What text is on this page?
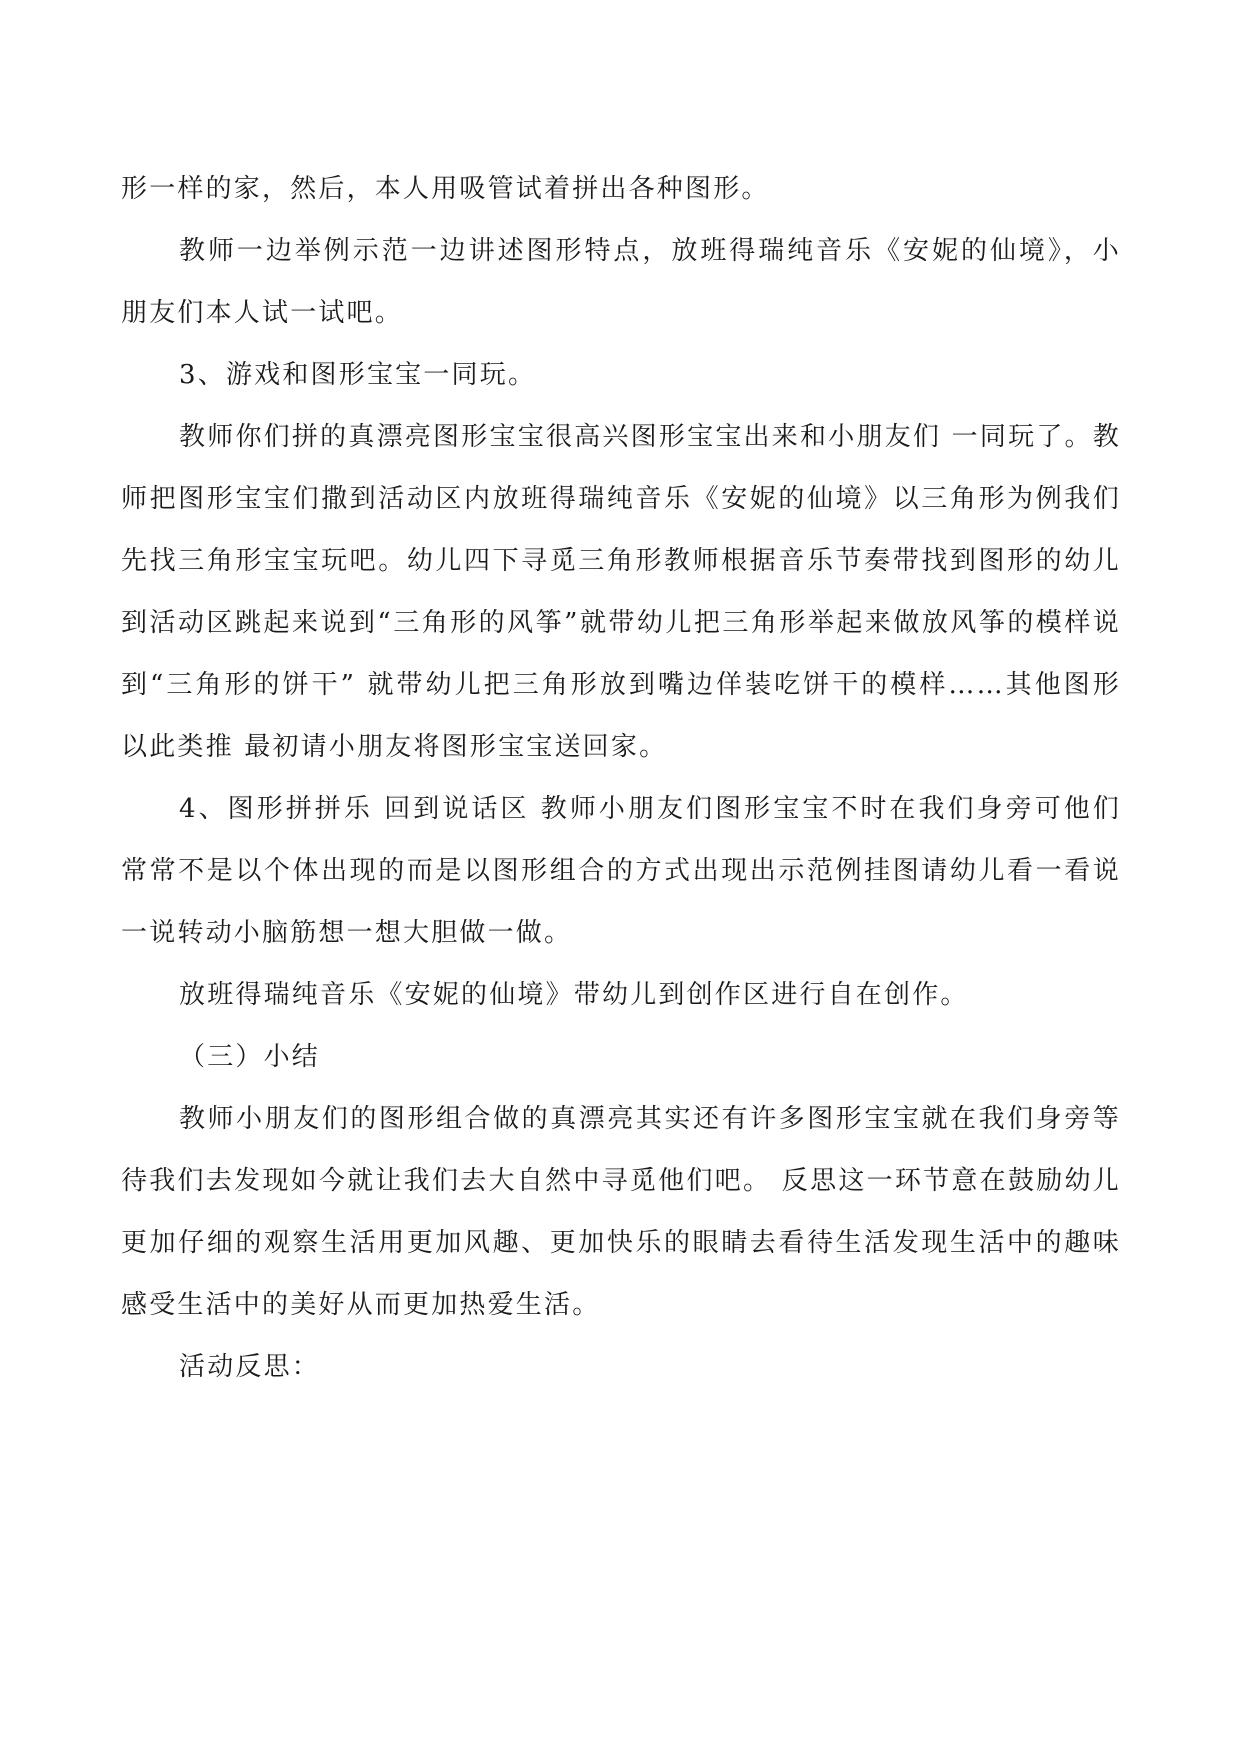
形一样的家，然后，本人用吸管试着拼出各种图形。

教师一边举例示范一边讲述图形特点，放班得瑞纯音乐《安妮的仙境》，小朋友们本人试一试吧。

3、游戏和图形宝宝一同玩。

教师你们拼的真漂亮图形宝宝很高兴图形宝宝出来和小朋友们 一同玩了。教师把图形宝宝们撒到活动区内放班得瑞纯音乐《安妮的仙境》以三角形为例我们先找三角形宝宝玩吧。幼儿四下寻觅三角形教师根据音乐节奏带找到图形的幼儿到活动区跳起来说到“三角形的风筝”就带幼儿把三角形举起来做放风筝的模样说到“三角形的饼干” 就带幼儿把三角形放到嘴边佯装吃饼干的模样……其他图形以此类推 最初请小朋友将图形宝宝送回家。

4、图形拼拼乐 回到说话区 教师小朋友们图形宝宝不时在我们身旁可他们常常不是以个体出现的而是以图形组合的方式出现出示范例挂图请幼儿看一看说一说转动小脑筋想一想大胆做一做。

放班得瑞纯音乐《安妮的仙境》带幼儿到创作区进行自在创作。

（三）小结

教师小朋友们的图形组合做的真漂亮其实还有许多图形宝宝就在我们身旁等待我们去发现如今就让我们去大自然中寻觅他们吧。 反思这一环节意在鼓励幼儿更加仔细的观察生活用更加风趣、更加快乐的眼睛去看待生活发现生活中的趣味感受生活中的美好从而更加热爱生活。

活动反思：
